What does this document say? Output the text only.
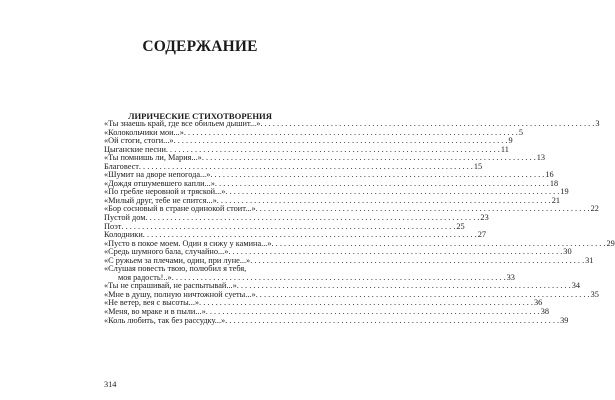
СОДЕРЖАНИЕ
ЛИРИЧЕСКИЕ СТИХОТВОРЕНИЯ
«Ты знаешь край, где все обильем дышит...» . . .	3
«Колокольчики мои...» . . .	5
«Ой стоги, стоги...» . . .	9
Цыганские песни . . .	11
«Ты помнишь ли, Мария...» . . .	13
Благовест . . .	15
«Шумит на дворе непогода...» . . .	16
«Дождя отшумевшего капли...» . . .	18
«По гребле неровной и тряской...» . . .	19
«Милый друг, тебе не спится...» . . .	21
«Бор сосновый в стране одинокой стоит...» . . .	22
Пустой дом . . .	23
Поэт . . .	25
Колодники . . .	27
«Пусто в покое моем. Один я сижу у камина...» . . .	29
«Средь шумного бала, случайно...» . . .	30
«С ружьем за плечами, один, при луне...» . . .	31
«Слушая повесть твою, полюбил я тебя,
моя радость!..» . . .	33
«Ты не спрашивай, не распытывай...» . . .	34
«Мне в душу, полную ничтожной суеты...» . . .	35
«Не ветер, вея с высоты...» . . .	36
«Меня, во мраке и в пыли...» . . .	38
«Коль любить, так без рассудку...» . . .	39
314
